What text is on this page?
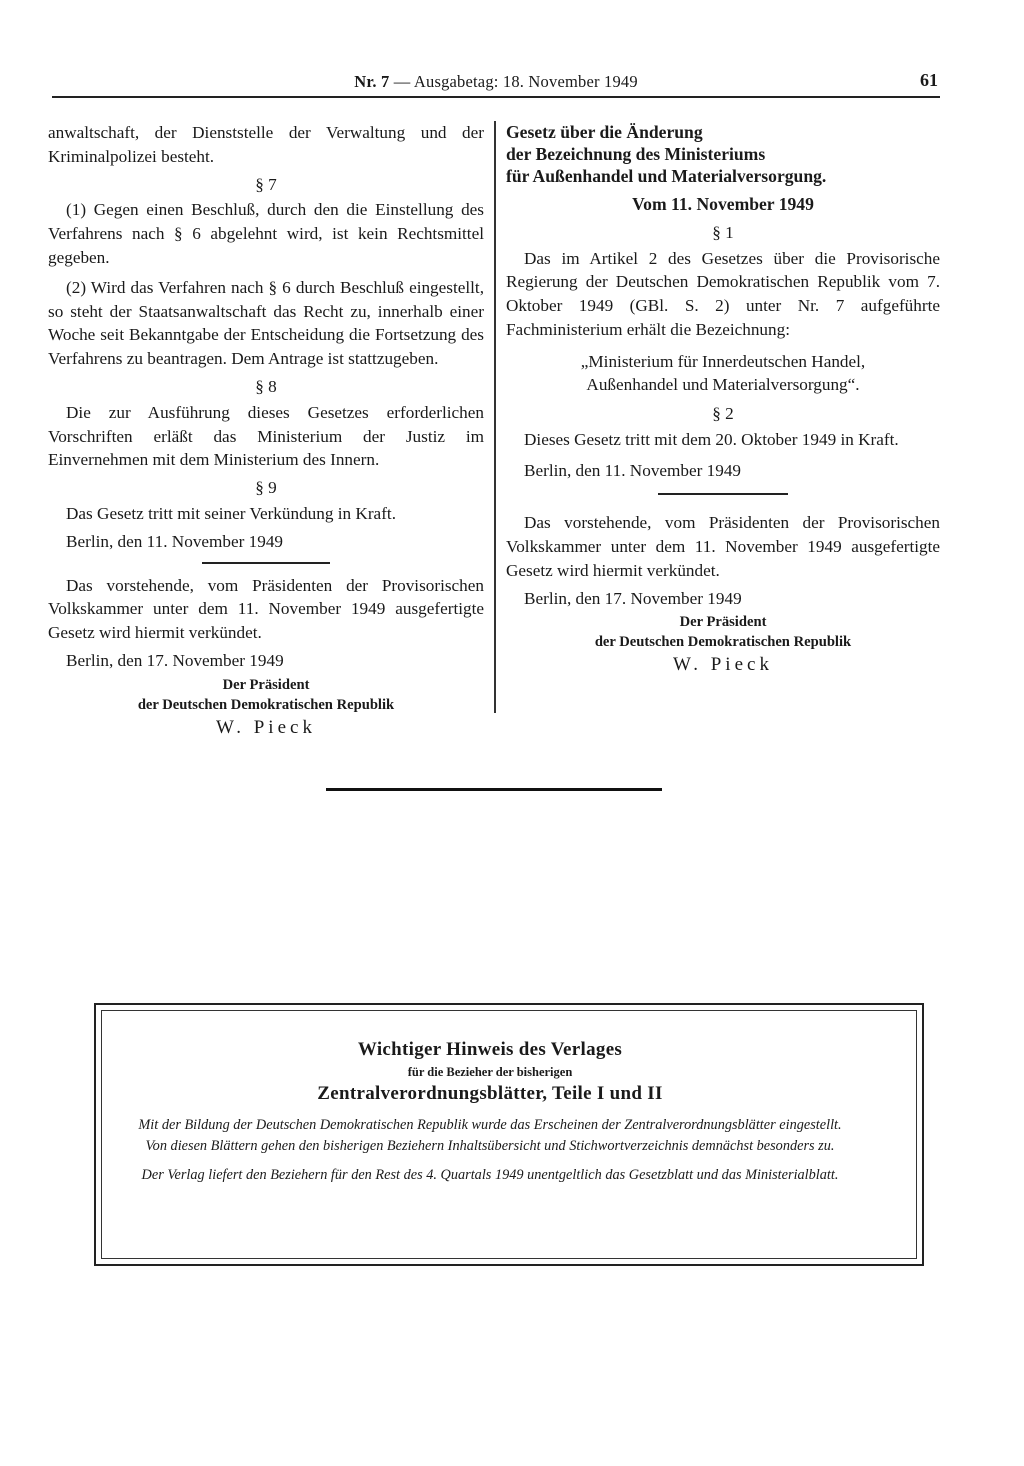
Nr. 7 — Ausgabetag: 18. November 1949	61

anwaltschaft, der Dienststelle der Verwaltung und der Kriminalpolizei besteht.

§ 7

(1) Gegen einen Beschluß, durch den die Einstellung des Verfahrens nach § 6 abgelehnt wird, ist kein Rechtsmittel gegeben.

(2) Wird das Verfahren nach § 6 durch Beschluß eingestellt, so steht der Staatsanwaltschaft das Recht zu, innerhalb einer Woche seit Bekanntgabe der Entscheidung die Fortsetzung des Verfahrens zu beantragen. Dem Antrage ist stattzugeben.

§ 8

Die zur Ausführung dieses Gesetzes erforderlichen Vorschriften erläßt das Ministerium der Justiz im Einvernehmen mit dem Ministerium des Innern.

§ 9

Das Gesetz tritt mit seiner Verkündung in Kraft.

Berlin, den 11. November 1949

Das vorstehende, vom Präsidenten der Provisorischen Volkskammer unter dem 11. November 1949 ausgefertigte Gesetz wird hiermit verkündet.

Berlin, den 17. November 1949

Der Präsident
der Deutschen Demokratischen Republik
W. Pieck

Gesetz über die Änderung

der Bezeichnung des Ministeriums

für Außenhandel und Materialversorgung.

Vom 11. November 1949
§ 1

Das im Artikel 2 des Gesetzes über die Provisorische Regierung der Deutschen Demokratischen Republik vom 7. Oktober 1949 (GBl. S. 2) unter Nr. 7 aufgeführte Fachministerium erhält die Bezeichnung:

„Ministerium für Innerdeutschen Handel,
Außenhandel und Materialversorgung“.
§ 2

Dieses Gesetz tritt mit dem 20. Oktober 1949 in Kraft.

Berlin, den 11. November 1949

Das vorstehende, vom Präsidenten der Provisorischen Volkskammer unter dem 11. November 1949 ausgefertigte Gesetz wird hiermit verkündet.

Berlin, den 17. November 1949

Der Präsident
der Deutschen Demokratischen Republik
W. Pieck

Wichtiger Hinweis des Verlages

für die Bezieher der bisherigen

Zentralverordnungsblätter, Teile I und II

Mit der Bildung der Deutschen Demokratischen Republik wurde das Erscheinen der Zentralverordnungsblätter eingestellt. Von diesen Blättern gehen den bisherigen Beziehern Inhaltsübersicht und Stichwortverzeichnis demnächst besonders zu.

Der Verlag liefert den Beziehern für den Rest des 4. Quartals 1949 unentgeltlich das Gesetzblatt und das Ministerialblatt.
